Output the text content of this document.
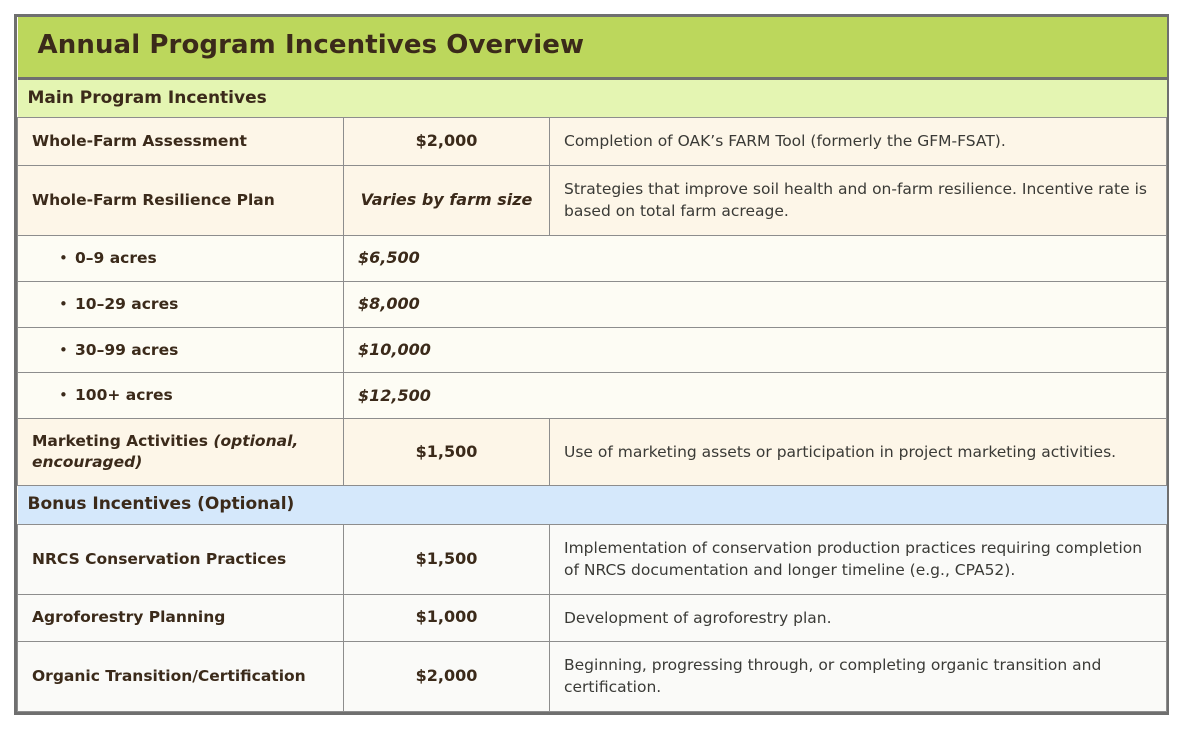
Annual Program Incentives Overview		

Main Program Incentives		

Whole-Farm Assessment	$2,000	Completion of OAK’s FARM Tool (formerly the GFM-FSAT).

Whole-Farm Resilience Plan	Varies by farm size	Strategies that improve soil health and on-farm resilience. Incentive rate is based on total farm acreage.

• 0–9 acres	$6,500	

• 10–29 acres	$8,000	

• 30–99 acres	$10,000	

• 100+ acres	$12,500	

Marketing Activities (optional, encouraged)	$1,500	Use of marketing assets or participation in project marketing activities.

Bonus Incentives (Optional)		

NRCS Conservation Practices	$1,500	Implementation of conservation production practices requiring completion of NRCS documentation and longer timeline (e.g., CPA52).

Agroforestry Planning	$1,000	Development of agroforestry plan.

Organic Transition/Certification	$2,000	Beginning, progressing through, or completing organic transition and certification.
